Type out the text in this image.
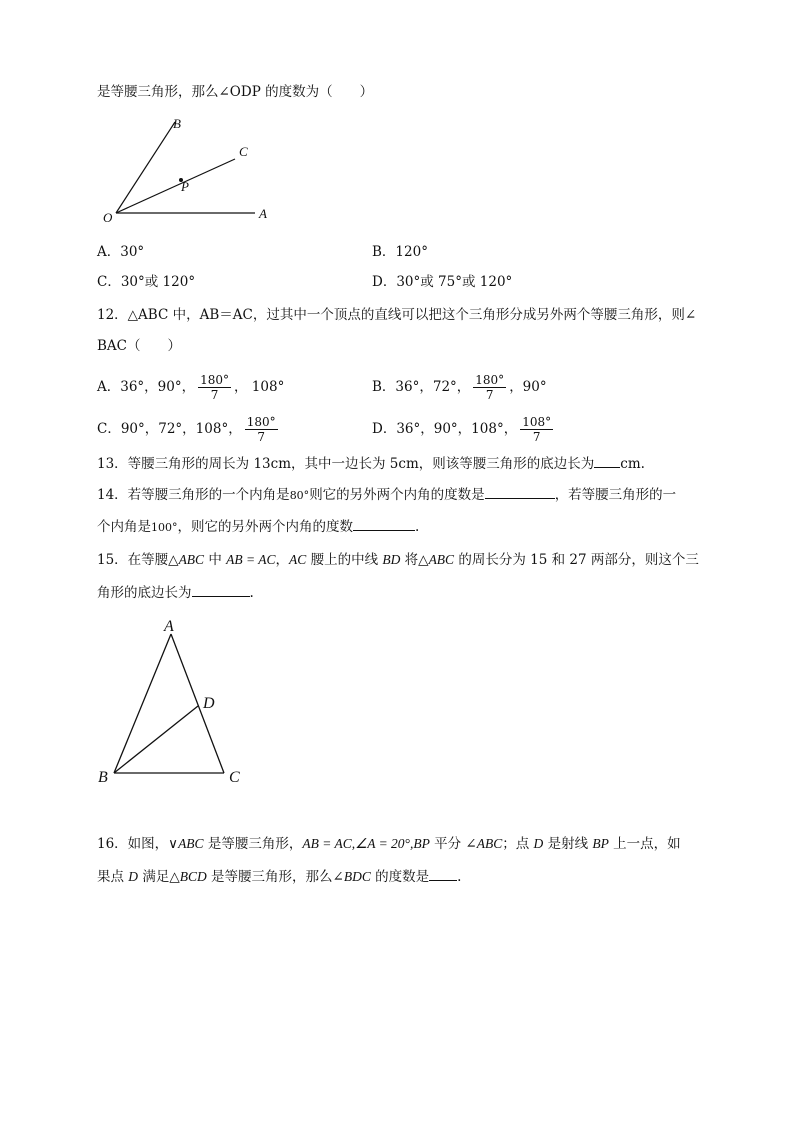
是等腰三角形，那么∠ODP 的度数为（　　）
B
C
P
O	A
A．30°	B．120°
C．30°或 120°	D．30°或 75°或 120°
12．△ABC 中，AB＝AC，过其中一个顶点的直线可以把这个三角形分成另外两个等腰三角形，则∠
BAC（　　）
A．36°，90°， $\frac{180^\circ}{7}$ ， 108°	B．36°，72°， $\frac{180^\circ}{7}$ ，90°
C．90°，72°，108°， $\frac{180^\circ}{7}$	D．36°，90°，108°， $\frac{108^\circ}{7}$
13．等腰三角形的周长为 13cm，其中一边长为 5cm，则该等腰三角形的底边长为 cm.
14．若等腰三角形的一个内角是80°则它的另外两个内角的度数是	，若等腰三角形的一
个内角是100°，则它的另外两个内角的度数	.
15．在等腰△ABC 中 AB = AC，AC 腰上的中线 BD 将△ABC 的周长分为 15 和 27 两部分，则这个三
角形的底边长为	.
A
D
B	C
16．如图，∨ABC 是等腰三角形，AB = AC,∠A = 20°,BP 平分 ∠ABC；点 D 是射线 BP 上一点，如
果点 D 满足△BCD 是等腰三角形，那么∠BDC 的度数是 .
